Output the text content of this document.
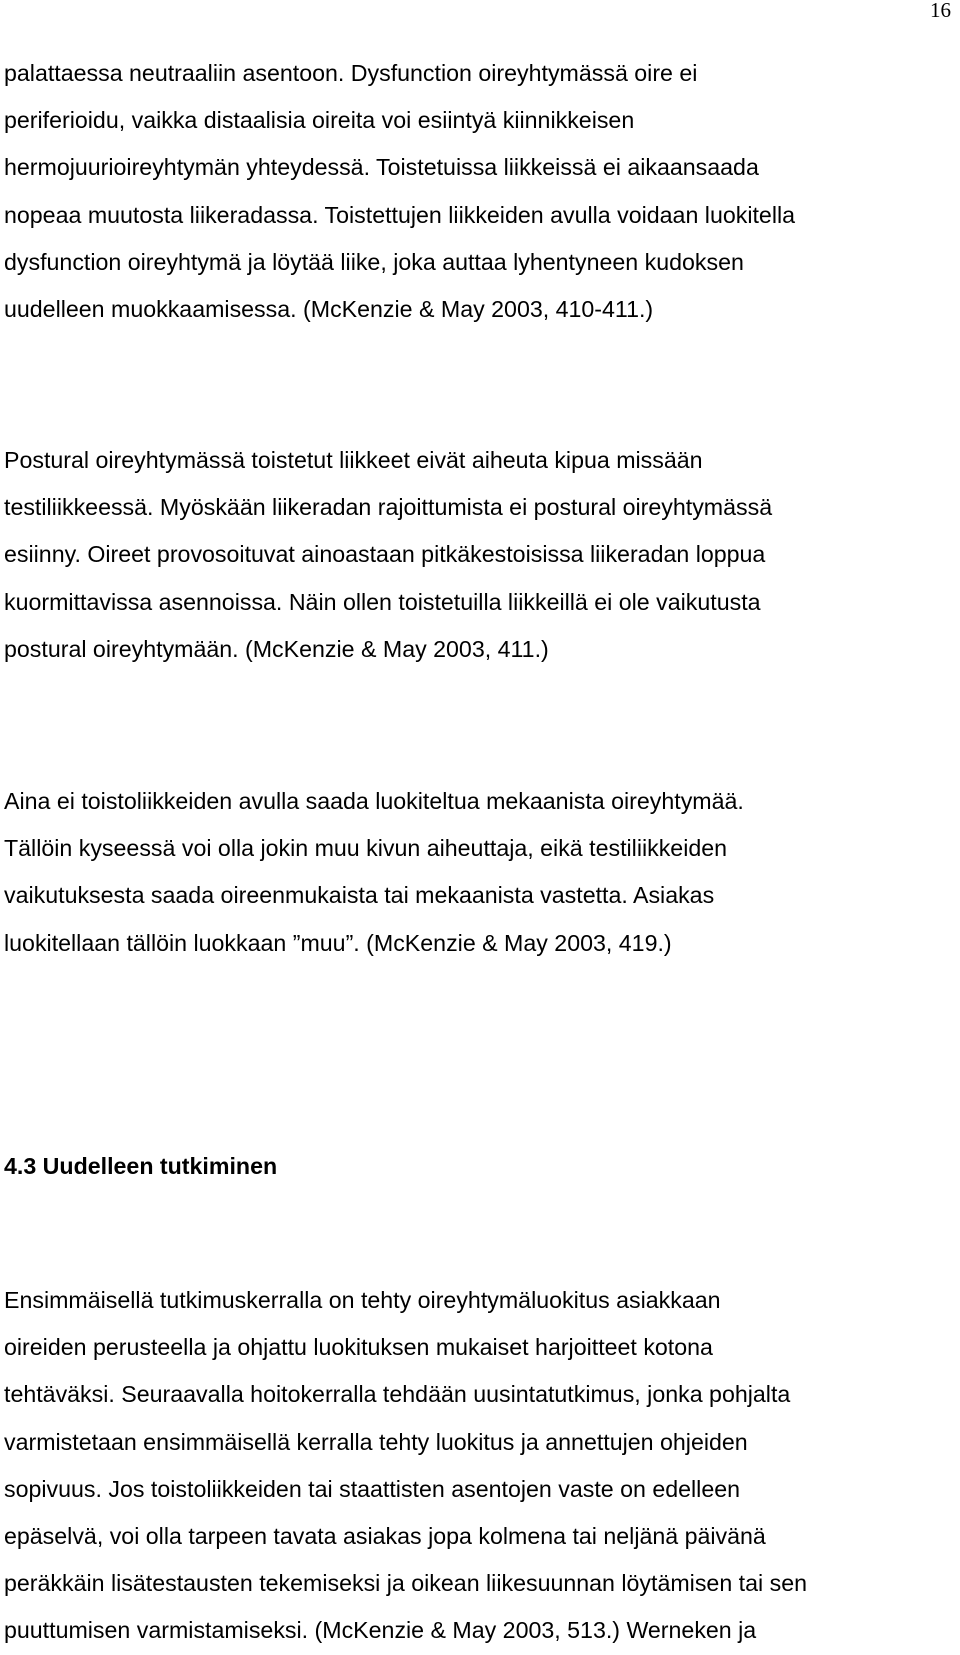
16
palattaessa neutraaliin asentoon. Dysfunction oireyhtymässä oire ei
periferioidu, vaikka distaalisia oireita voi esiintyä kiinnikkeisen
hermojuurioireyhtymän yhteydessä. Toistetuissa liikkeissä ei aikaansaada
nopeaa muutosta liikeradassa. Toistettujen liikkeiden avulla voidaan luokitella
dysfunction oireyhtymä ja löytää liike, joka auttaa lyhentyneen kudoksen
uudelleen muokkaamisessa. (McKenzie & May 2003, 410-411.)
Postural oireyhtymässä toistetut liikkeet eivät aiheuta kipua missään
testiliikkeessä. Myöskään liikeradan rajoittumista ei postural oireyhtymässä
esiinny. Oireet provosoituvat ainoastaan pitkäkestoisissa liikeradan loppua
kuormittavissa asennoissa. Näin ollen toistetuilla liikkeillä ei ole vaikutusta
postural oireyhtymään. (McKenzie & May 2003, 411.)
Aina ei toistoliikkeiden avulla saada luokiteltua mekaanista oireyhtymää.
Tällöin kyseessä voi olla jokin muu kivun aiheuttaja, eikä testiliikkeiden
vaikutuksesta saada oireenmukaista tai mekaanista vastetta. Asiakas
luokitellaan tällöin luokkaan ”muu”. (McKenzie & May 2003, 419.)
4.3 Uudelleen tutkiminen
Ensimmäisellä tutkimuskerralla on tehty oireyhtymäluokitus asiakkaan
oireiden perusteella ja ohjattu luokituksen mukaiset harjoitteet kotona
tehtäväksi. Seuraavalla hoitokerralla tehdään uusintatutkimus, jonka pohjalta
varmistetaan ensimmäisellä kerralla tehty luokitus ja annettujen ohjeiden
sopivuus. Jos toistoliikkeiden tai staattisten asentojen vaste on edelleen
epäselvä, voi olla tarpeen tavata asiakas jopa kolmena tai neljänä päivänä
peräkkäin lisätestausten tekemiseksi ja oikean liikesuunnan löytämisen tai sen
puuttumisen varmistamiseksi. (McKenzie & May 2003, 513.) Werneken ja
